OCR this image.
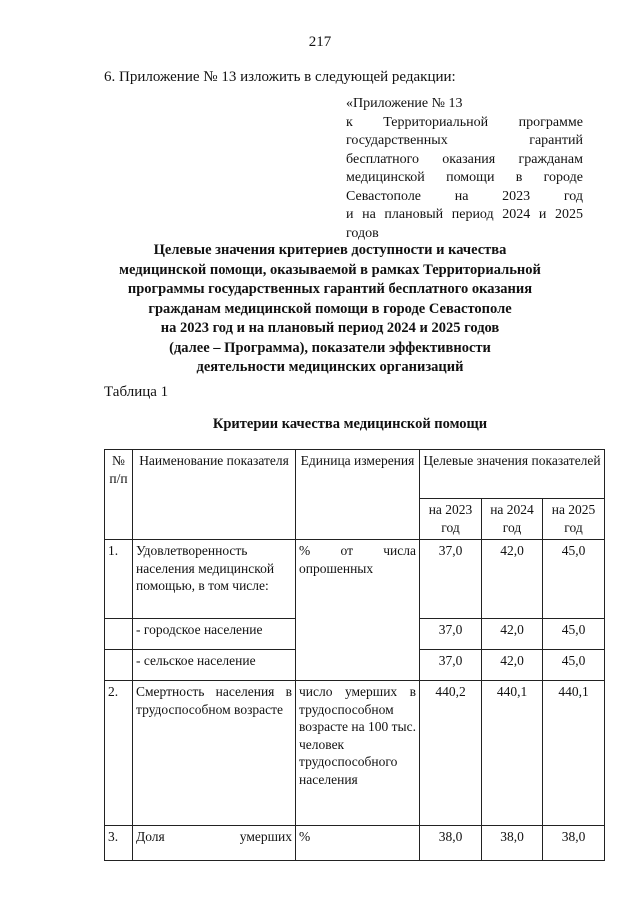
217
6. Приложение № 13 изложить в следующей редакции:
«Приложение № 13
к Территориальной программе
государственных гарантий
бесплатного оказания гражданам
медицинской помощи в городе
Севастополе на 2023 год
и на плановый период 2024 и 2025
годов
Целевые значения критериев доступности и качества
медицинской помощи, оказываемой в рамках Территориальной
программы государственных гарантий бесплатного оказания
гражданам медицинской помощи в городе Севастополе
на 2023 год и на плановый период 2024 и 2025 годов
(далее – Программа), показатели эффективности
деятельности медицинских организаций
Таблица 1
Критерии качества медицинской помощи
№ п/п	Наименование показателя	Единица измерения	Целевые значения показателей		
			на 2023 год	на 2024 год	на 2025 год
1.	Удовлетворенность населения медицинской помощью, в том числе:	% от числа опрошенных	37,0	42,0	45,0
	- городское население		37,0	42,0	45,0
	- сельское население		37,0	42,0	45,0
2.	Смертность населения в трудоспособном возрасте	число умерших в трудоспособном возрасте на 100 тыс. человек трудоспособного населения	440,2	440,1	440,1
3.	Доля умерших	%	38,0	38,0	38,0
